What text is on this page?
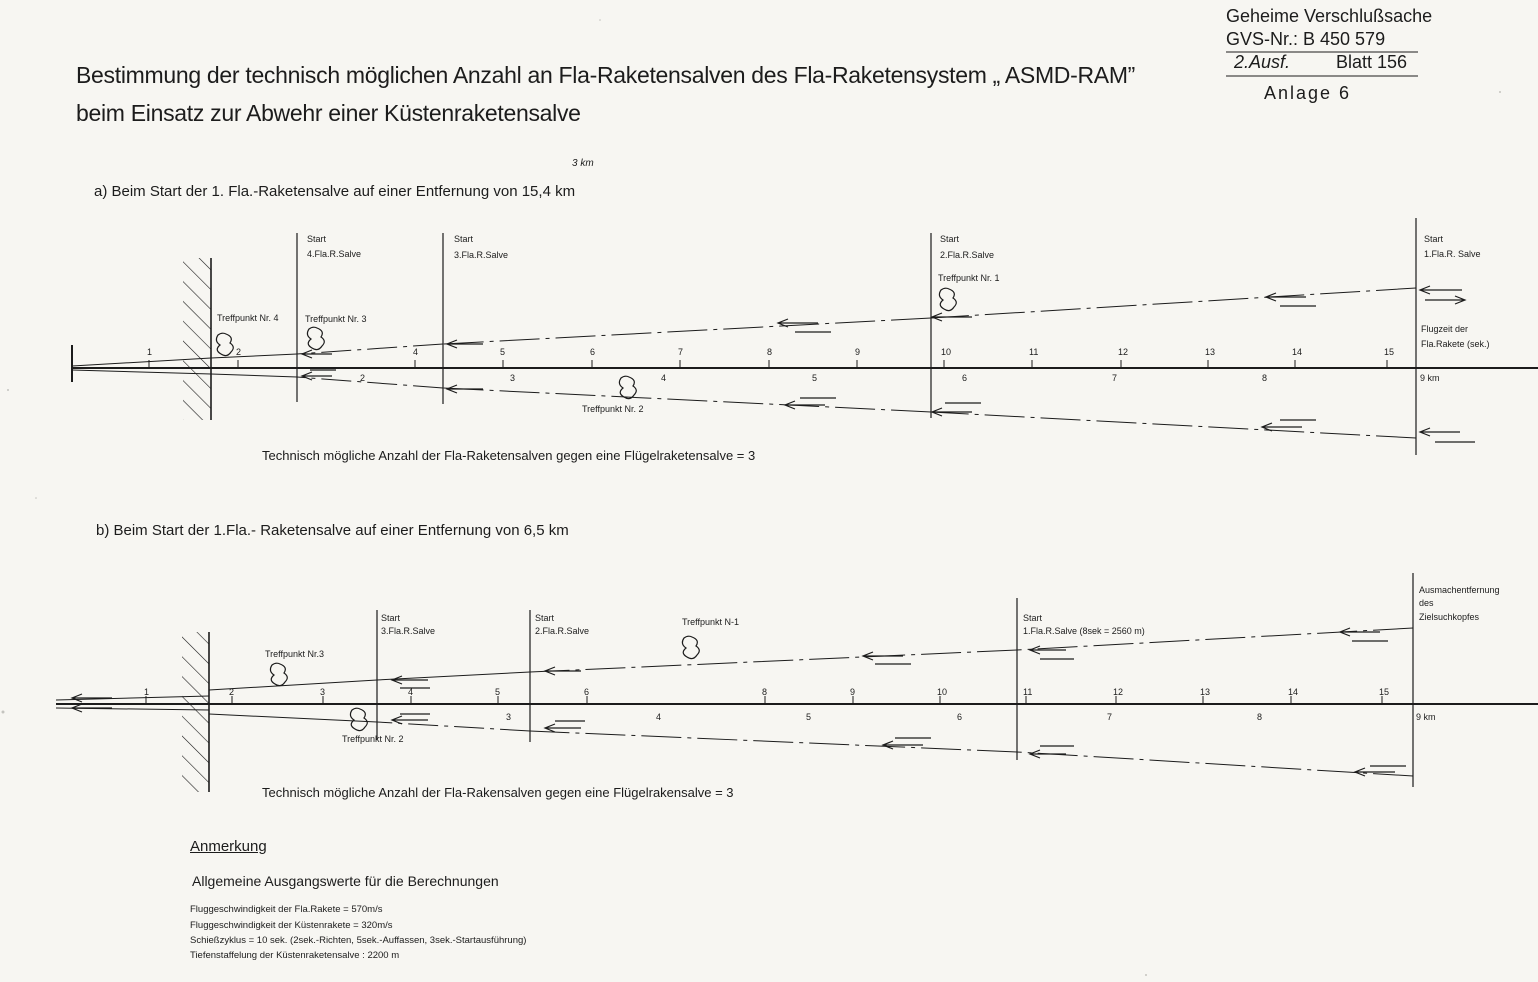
Geheime Verschlußsache
GVS-Nr.: B 450 579
2.Ausf.	Blatt 156
Anlage 6
Bestimmung der technisch möglichen Anzahl an Fla-Raketensalven des Fla-Raketensystem „ ASMD-RAM”
beim Einsatz zur Abwehr einer Küstenraketensalve
3 km
a) Beim Start der 1. Fla.-Raketensalve auf einer Entfernung von 15,4 km
Start
4.Fla.R.Salve
Start
3.Fla.R.Salve
Start
2.Fla.R.Salve
Start
1.Fla.R. Salve
Treffpunkt Nr. 4	Treffpunkt Nr. 3
Treffpunkt Nr. 1
Treffpunkt Nr. 2
Flugzeit der
Fla.Rakete (sek.)
Technisch mögliche Anzahl der Fla-Raketensalven gegen eine Flügelraketensalve = 3
1	2	4	5	6	7	8	9	10	11	12	13	14	15
2	3	4	5	6	7	8	9 km
b) Beim Start der 1.Fla.- Raketensalve auf einer Entfernung von 6,5 km
Start
3.Fla.R.Salve
Start
2.Fla.R.Salve
Start
1.Fla.R.Salve (8sek = 2560 m)
Treffpunkt Nr.3
Treffpunkt N-1
Treffpunkt Nr. 2
Ausmachentfernung
des
Zielsuchkopfes
Technisch mögliche Anzahl der Fla-Rakensalven gegen eine Flügelrakensalve = 3
1	2	3	4	5	6	8	9	10	11	12	13	14	15
3	4	5	6	7	8	9 km
Anmerkung
Allgemeine Ausgangswerte für die Berechnungen
Fluggeschwindigkeit der Fla.Rakete = 570m/s
Fluggeschwindigkeit der Küstenrakete = 320m/s
Schießzyklus = 10 sek. (2sek.-Richten, 5sek.-Auffassen, 3sek.-Startausführung)
Tiefenstaffelung der Küstenraketensalve : 2200 m
